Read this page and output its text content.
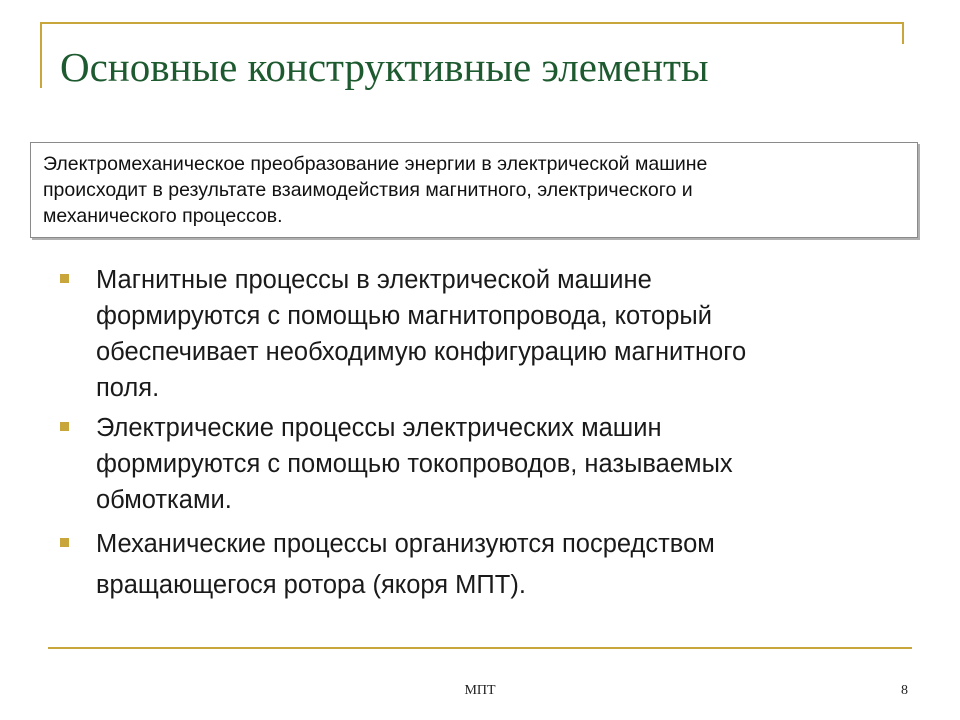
Основные конструктивные элементы
Электромеханическое преобразование энергии в электрической машине
происходит в результате взаимодействия магнитного, электрического и
механического процессов.
Магнитные процессы в электрической машине
формируются с помощью магнитопровода, который
обеспечивает необходимую конфигурацию магнитного
поля.
Электрические процессы электрических машин
формируются с помощью токопроводов, называемых
обмотками.
Механические процессы организуются посредством
вращающегося ротора (якоря МПТ).
МПТ	8
